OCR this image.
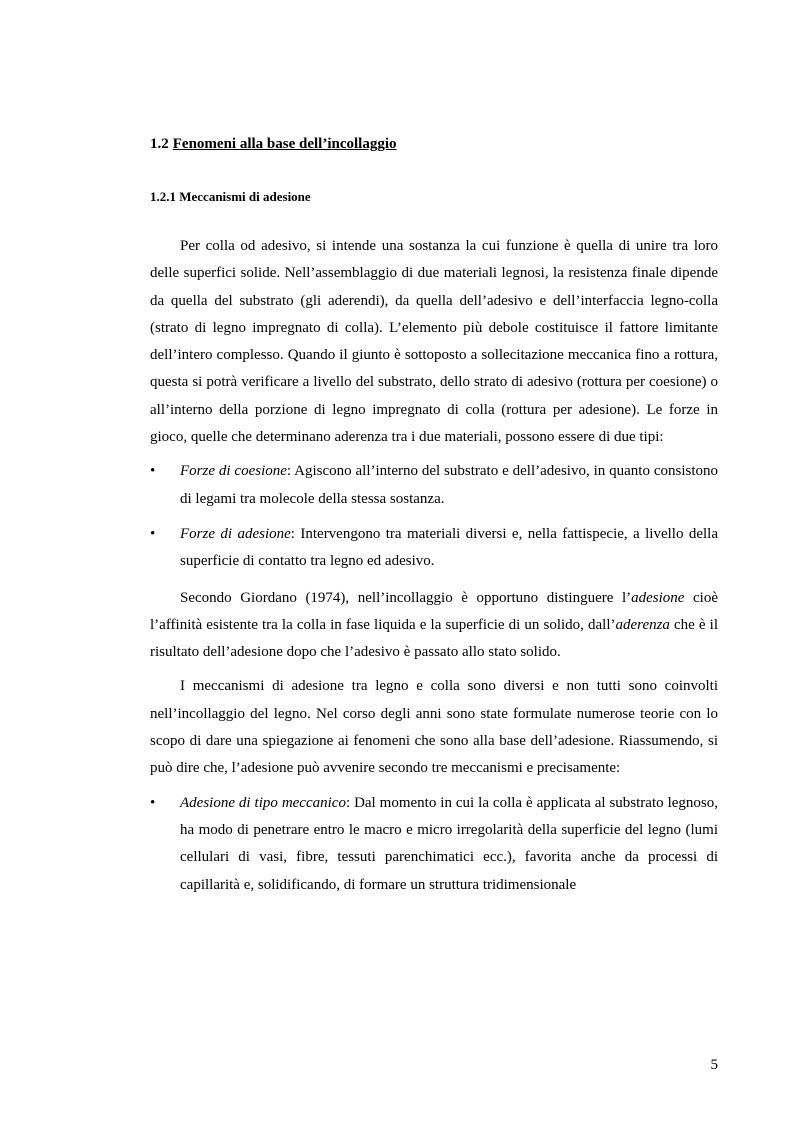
1.2 Fenomeni alla base dell’incollaggio
1.2.1 Meccanismi di adesione

Per colla od adesivo, si intende una sostanza la cui funzione è quella di unire tra loro delle superfici solide. Nell’assemblaggio di due materiali legnosi, la resistenza finale dipende da quella del substrato (gli aderendi), da quella dell’adesivo e dell’interfaccia legno-colla (strato di legno impregnato di colla). L’elemento più debole costituisce il fattore limitante dell’intero complesso. Quando il giunto è sottoposto a sollecitazione meccanica fino a rottura, questa si potrà verificare a livello del substrato, dello strato di adesivo (rottura per coesione) o all’interno della porzione di legno impregnato di colla (rottura per adesione). Le forze in gioco, quelle che determinano aderenza tra i due materiali, possono essere di due tipi:

• Forze di coesione: Agiscono all’interno del substrato e dell’adesivo, in quanto consistono di legami tra molecole della stessa sostanza.
• Forze di adesione: Intervengono tra materiali diversi e, nella fattispecie, a livello della superficie di contatto tra legno ed adesivo.

Secondo Giordano (1974), nell’incollaggio è opportuno distinguere l’adesione cioè l’affinità esistente tra la colla in fase liquida e la superficie di un solido, dall’aderenza che è il risultato dell’adesione dopo che l’adesivo è passato allo stato solido.

I meccanismi di adesione tra legno e colla sono diversi e non tutti sono coinvolti nell’incollaggio del legno. Nel corso degli anni sono state formulate numerose teorie con lo scopo di dare una spiegazione ai fenomeni che sono alla base dell’adesione. Riassumendo, si può dire che, l’adesione può avvenire secondo tre meccanismi e precisamente:

• Adesione di tipo meccanico: Dal momento in cui la colla è applicata al substrato legnoso, ha modo di penetrare entro le macro e micro irregolarità della superficie del legno (lumi cellulari di vasi, fibre, tessuti parenchimatici ecc.), favorita anche da processi di capillarità e, solidificando, di formare un struttura tridimensionale
5
